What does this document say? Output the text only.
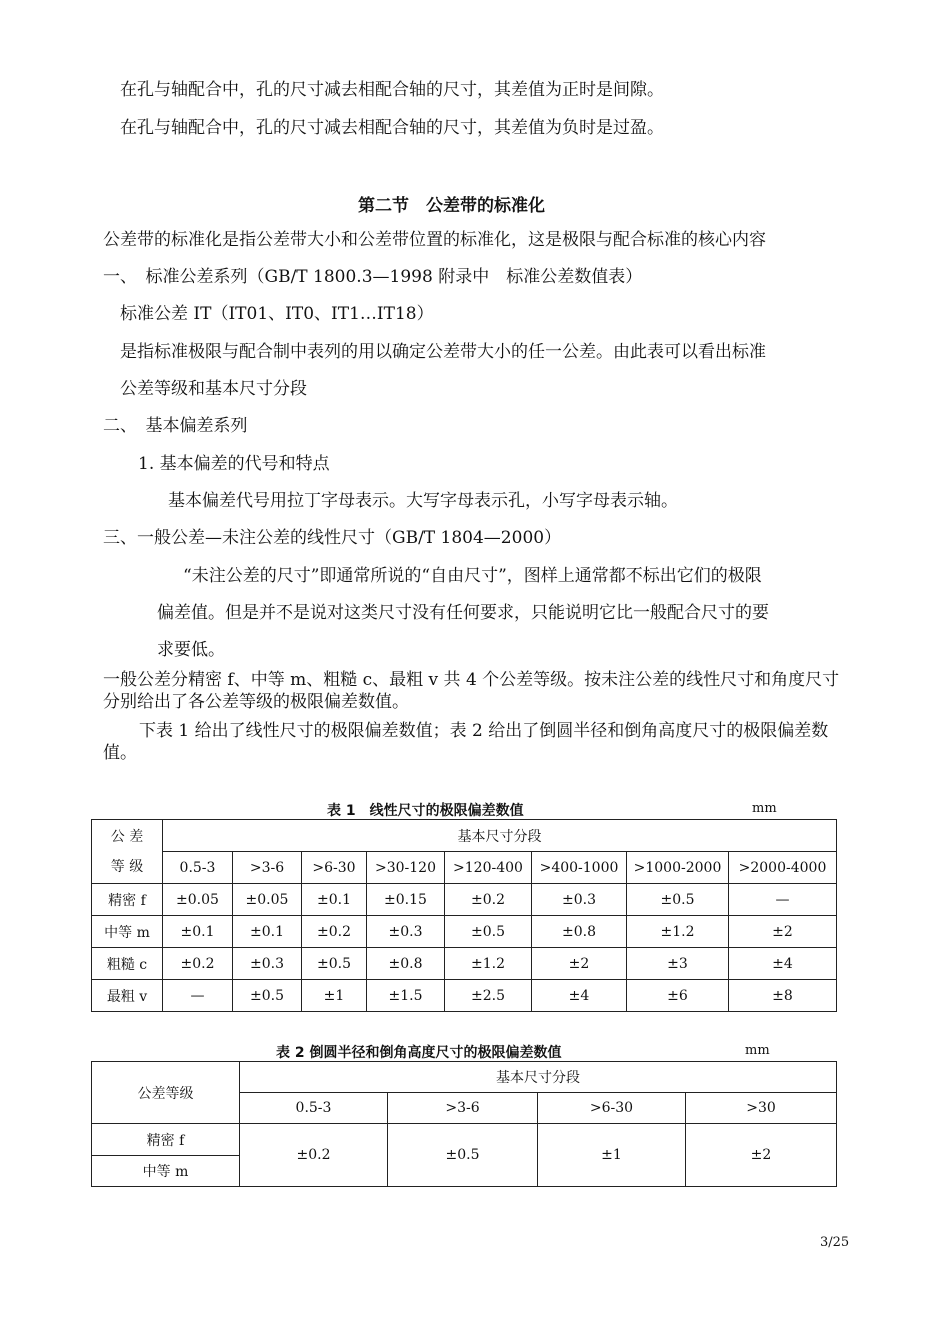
在孔与轴配合中，孔的尺寸减去相配合轴的尺寸，其差值为正时是间隙。
在孔与轴配合中，孔的尺寸减去相配合轴的尺寸，其差值为负时是过盈。
第二节　公差带的标准化
公差带的标准化是指公差带大小和公差带位置的标准化，这是极限与配合标准的核心内容
一、　标准公差系列（GB/T 1800.3—1998 附录中　标准公差数值表）
标准公差 IT（IT01、IT0、IT1…IT18）
是指标准极限与配合制中表列的用以确定公差带大小的任一公差。由此表可以看出标准
公差等级和基本尺寸分段
二、　基本偏差系列
1. 基本偏差的代号和特点
基本偏差代号用拉丁字母表示。大写字母表示孔，小写字母表示轴。
三、一般公差—未注公差的线性尺寸（GB/T 1804—2000）
“未注公差的尺寸”即通常所说的“自由尺寸”，图样上通常都不标出它们的极限
偏差值。但是并不是说对这类尺寸没有任何要求，只能说明它比一般配合尺寸的要
求要低。
一般公差分精密 f、中等 m、粗糙 c、最粗 v 共 4 个公差等级。按未注公差的线性尺寸和角度尺寸分别给出了各公差等级的极限偏差数值。
下表 1 给出了线性尺寸的极限偏差数值；表 2 给出了倒圆半径和倒角高度尺寸的极限偏差数值。
表 1　线性尺寸的极限偏差数值	mm
公 差
等 级	基本尺寸分段							
	0.5-3	>3-6	>6-30	>30-120	>120-400	>400-1000	>1000-2000	>2000-4000
精密 f	±0.05	±0.05	±0.1	±0.15	±0.2	±0.3	±0.5	—
中等 m	±0.1	±0.1	±0.2	±0.3	±0.5	±0.8	±1.2	±2
粗糙 c	±0.2	±0.3	±0.5	±0.8	±1.2	±2	±3	±4
最粗 v	—	±0.5	±1	±1.5	±2.5	±4	±6	±8
表 2 倒圆半径和倒角高度尺寸的极限偏差数值	mm
公差等级	基本尺寸分段			
	0.5-3	>3-6	>6-30	>30
精密 f	±0.2	±0.5	±1	±2
中等 m				
3/25
